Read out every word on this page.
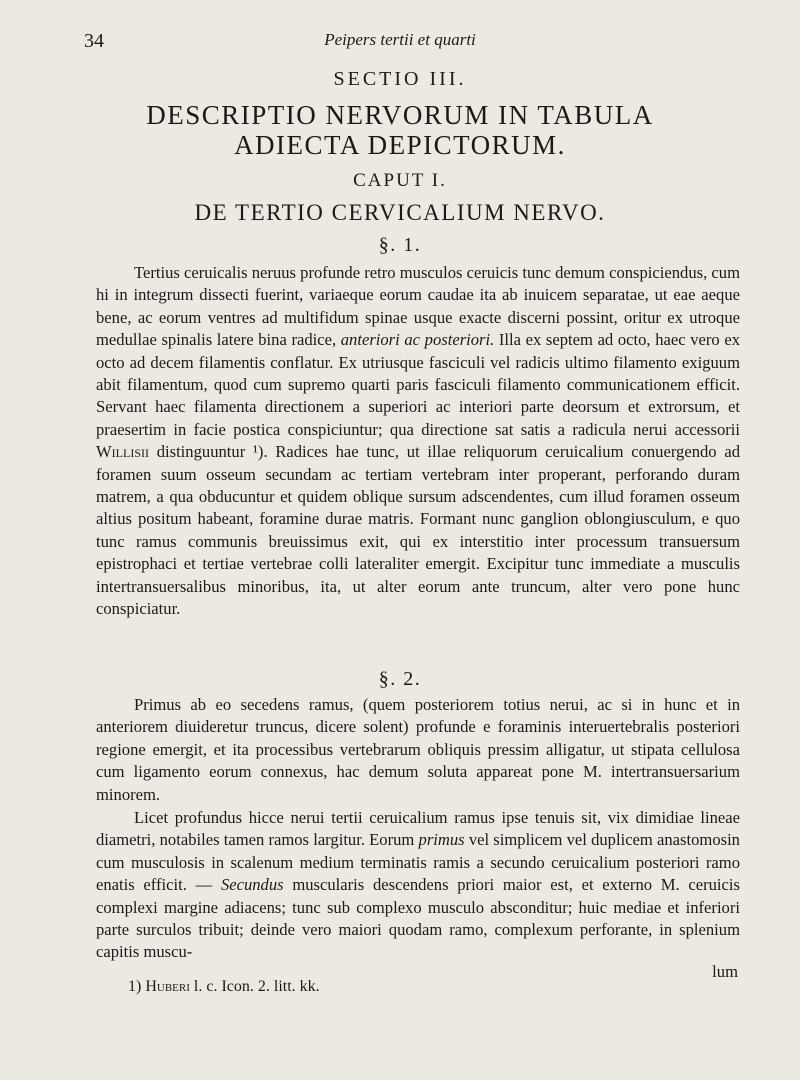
34	Peipers tertii et quarti
SECTIO III.
DESCRIPTIO NERVORUM IN TABULA
ADIECTA DEPICTORUM.
CAPUT I.
DE TERTIO CERVICALIUM NERVO.
§. 1.
Tertius ceruicalis neruus profunde retro musculos ceruicis tunc demum conspiciendus, cum hi in integrum dissecti fuerint, variaeque eorum caudae ita ab inuicem separatae, ut eae aeque bene, ac eorum ventres ad multifidum spinae usque exacte discerni possint, oritur ex utroque medullae spinalis latere bina radice, anteriori ac posteriori. Illa ex septem ad octo, haec vero ex octo ad decem filamentis conflatur. Ex utriusque fasciculi vel radicis ultimo filamento exiguum abit filamentum, quod cum supremo quarti paris fasciculi filamento communicationem efficit. Servant haec filamenta directionem a superiori ac interiori parte deorsum et extrorsum, et praesertim in facie postica conspiciuntur; qua directione sat satis a radicula nerui accessorii Willisii distinguuntur ¹). Radices hae tunc, ut illae reliquorum ceruicalium conuergendo ad foramen suum osseum secundam ac tertiam vertebram inter properant, perforando duram matrem, a qua obducuntur et quidem oblique sursum adscendentes, cum illud foramen osseum altius positum habeant, foramine durae matris. Formant nunc ganglion oblongiusculum, e quo tunc ramus communis breuissimus exit, qui ex interstitio inter processum transuersum epistrophaci et tertiae vertebrae colli lateraliter emergit. Excipitur tunc immediate a musculis intertransuersalibus minoribus, ita, ut alter eorum ante truncum, alter vero pone hunc conspiciatur.
§. 2.
Primus ab eo secedens ramus, (quem posteriorem totius nerui, ac si in hunc et in anteriorem diuideretur truncus, dicere solent) profunde e foraminis interuertebralis posteriori regione emergit, et ita processibus vertebrarum obliquis pressim alligatur, ut stipata cellulosa cum ligamento eorum connexus, hac demum soluta appareat pone M. intertransuersarium minorem.
Licet profundus hicce nerui tertii ceruicalium ramus ipse tenuis sit, vix dimidiae lineae diametri, notabiles tamen ramos largitur. Eorum primus vel simplicem vel duplicem anastomosin cum musculosis in scalenum medium terminatis ramis a secundo ceruicalium posteriori ramo enatis efficit. — Secundus muscularis descendens priori maior est, et externo M. ceruicis complexi margine adiacens; tunc sub complexo musculo absconditur; huic mediae et inferiori parte surculos tribuit; deinde vero maiori quodam ramo, complexum perforante, in splenium capitis muscu-
lum
1) Huberi l. c. Icon. 2. litt. kk.
